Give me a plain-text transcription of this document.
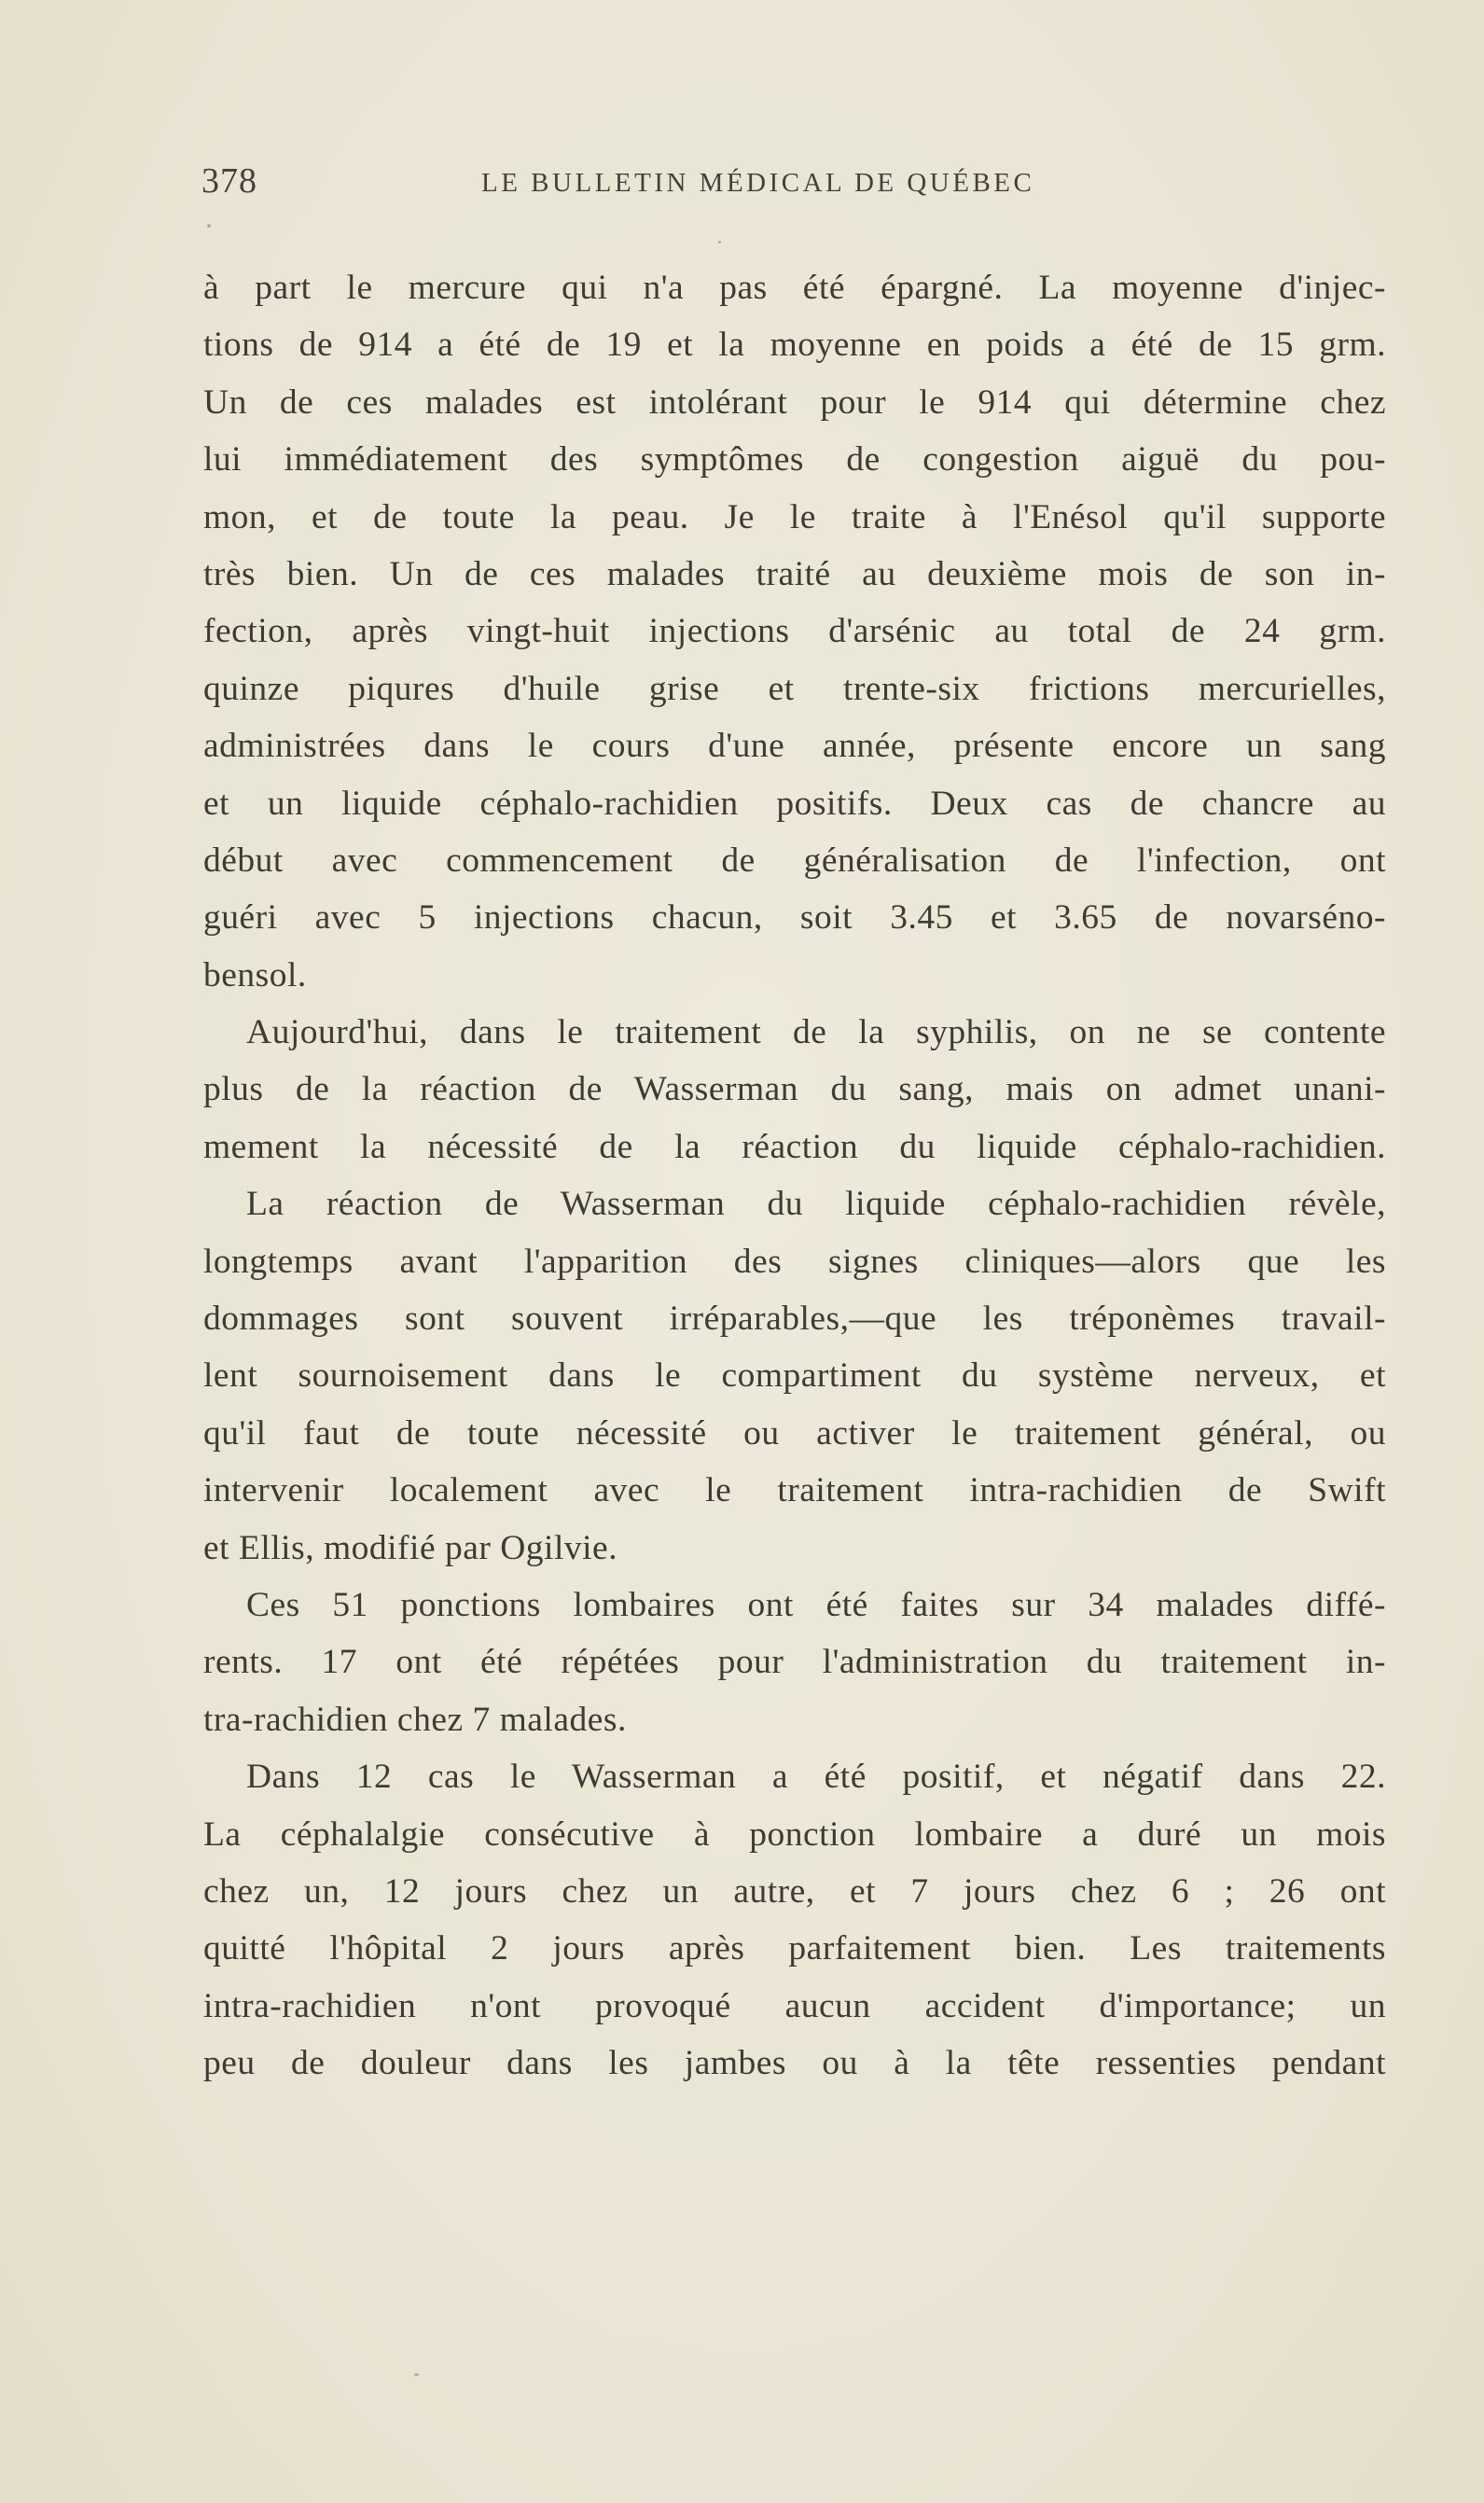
378	LE BULLETIN MÉDICAL DE QUÉBEC

à part le mercure qui n'a pas été épargné. La moyenne d'injec-
tions de 914 a été de 19 et la moyenne en poids a été de 15 grm.
Un de ces malades est intolérant pour le 914 qui détermine chez
lui immédiatement des symptômes de congestion aiguë du pou-
mon, et de toute la peau. Je le traite à l'Enésol qu'il supporte
très bien. Un de ces malades traité au deuxième mois de son in-
fection, après vingt-huit injections d'arsénic au total de 24 grm.
quinze piqures d'huile grise et trente-six frictions mercurielles,
administrées dans le cours d'une année, présente encore un sang
et un liquide céphalo-rachidien positifs. Deux cas de chancre au
début avec commencement de généralisation de l'infection, ont
guéri avec 5 injections chacun, soit 3.45 et 3.65 de novarséno-
bensol.

Aujourd'hui, dans le traitement de la syphilis, on ne se contente
plus de la réaction de Wasserman du sang, mais on admet unani-
mement la nécessité de la réaction du liquide céphalo-rachidien.

La réaction de Wasserman du liquide céphalo-rachidien révèle,
longtemps avant l'apparition des signes cliniques—alors que les
dommages sont souvent irréparables,—que les tréponèmes travail-
lent sournoisement dans le compartiment du système nerveux, et
qu'il faut de toute nécessité ou activer le traitement général, ou
intervenir localement avec le traitement intra-rachidien de Swift
et Ellis, modifié par Ogilvie.

Ces 51 ponctions lombaires ont été faites sur 34 malades diffé-
rents. 17 ont été répétées pour l'administration du traitement in-
tra-rachidien chez 7 malades.

Dans 12 cas le Wasserman a été positif, et négatif dans 22.
La céphalalgie consécutive à ponction lombaire a duré un mois
chez un, 12 jours chez un autre, et 7 jours chez 6 ; 26 ont
quitté l'hôpital 2 jours après parfaitement bien. Les traitements
intra-rachidien n'ont provoqué aucun accident d'importance; un
peu de douleur dans les jambes ou à la tête ressenties pendant
